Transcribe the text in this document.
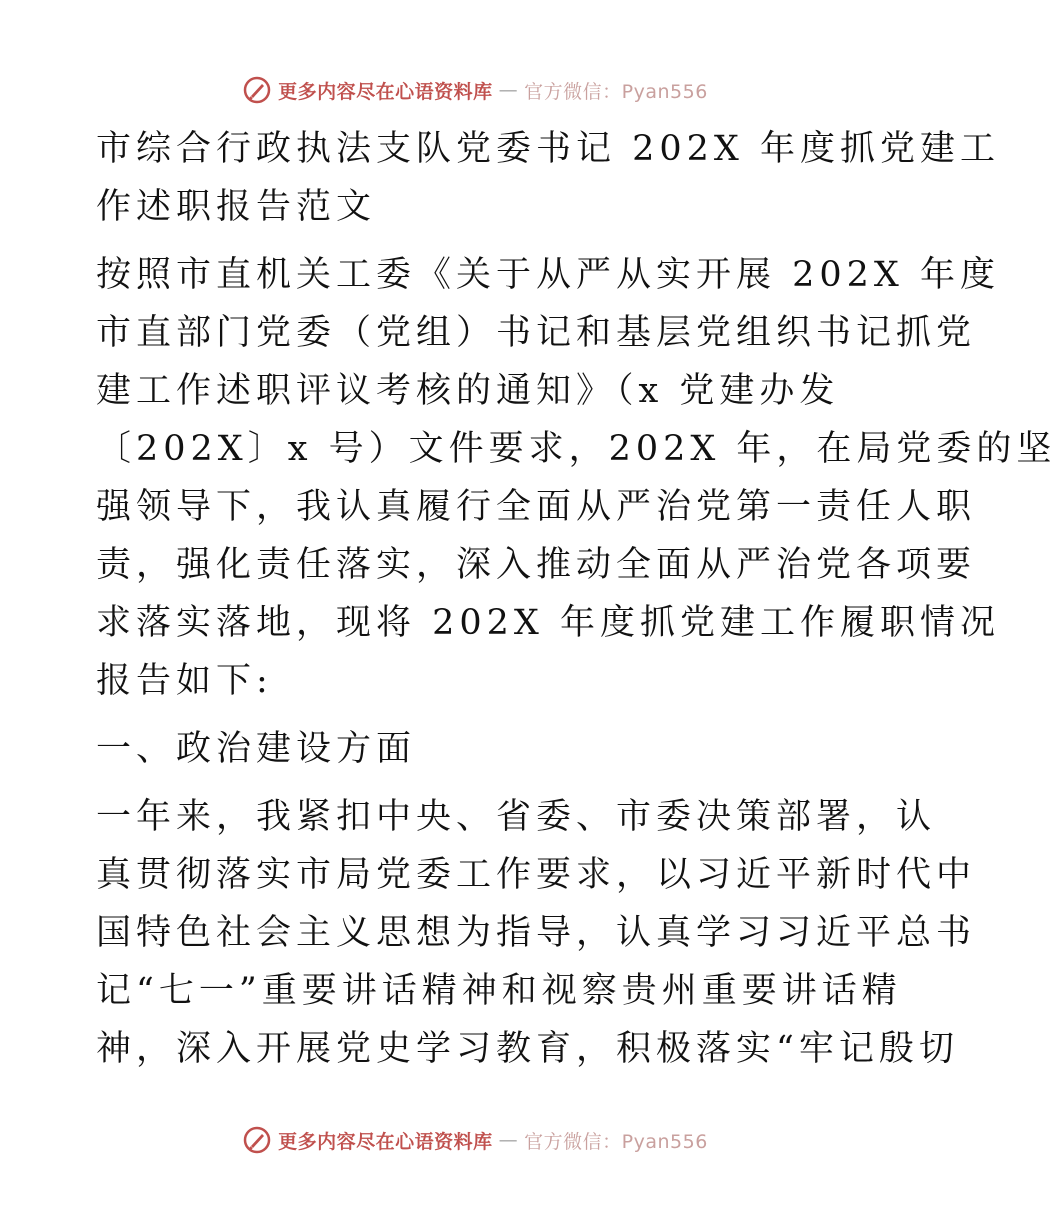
更多内容尽在心语资料库 — 官方微信：Pyan556
市综合行政执法支队党委书记 202X 年度抓党建工
作述职报告范文
按照市直机关工委《关于从严从实开展 202X 年度
市直部门党委（党组）书记和基层党组织书记抓党
建工作述职评议考核的通知》（x 党建办发
〔202X〕x 号）文件要求，202X 年，在局党委的坚
强领导下，我认真履行全面从严治党第一责任人职
责，强化责任落实，深入推动全面从严治党各项要
求落实落地，现将 202X 年度抓党建工作履职情况
报告如下:
一、政治建设方面
一年来，我紧扣中央、省委、市委决策部署，认
真贯彻落实市局党委工作要求，以习近平新时代中
国特色社会主义思想为指导，认真学习习近平总书
记“七一”重要讲话精神和视察贵州重要讲话精
神，深入开展党史学习教育，积极落实“牢记殷切
更多内容尽在心语资料库 — 官方微信：Pyan556
